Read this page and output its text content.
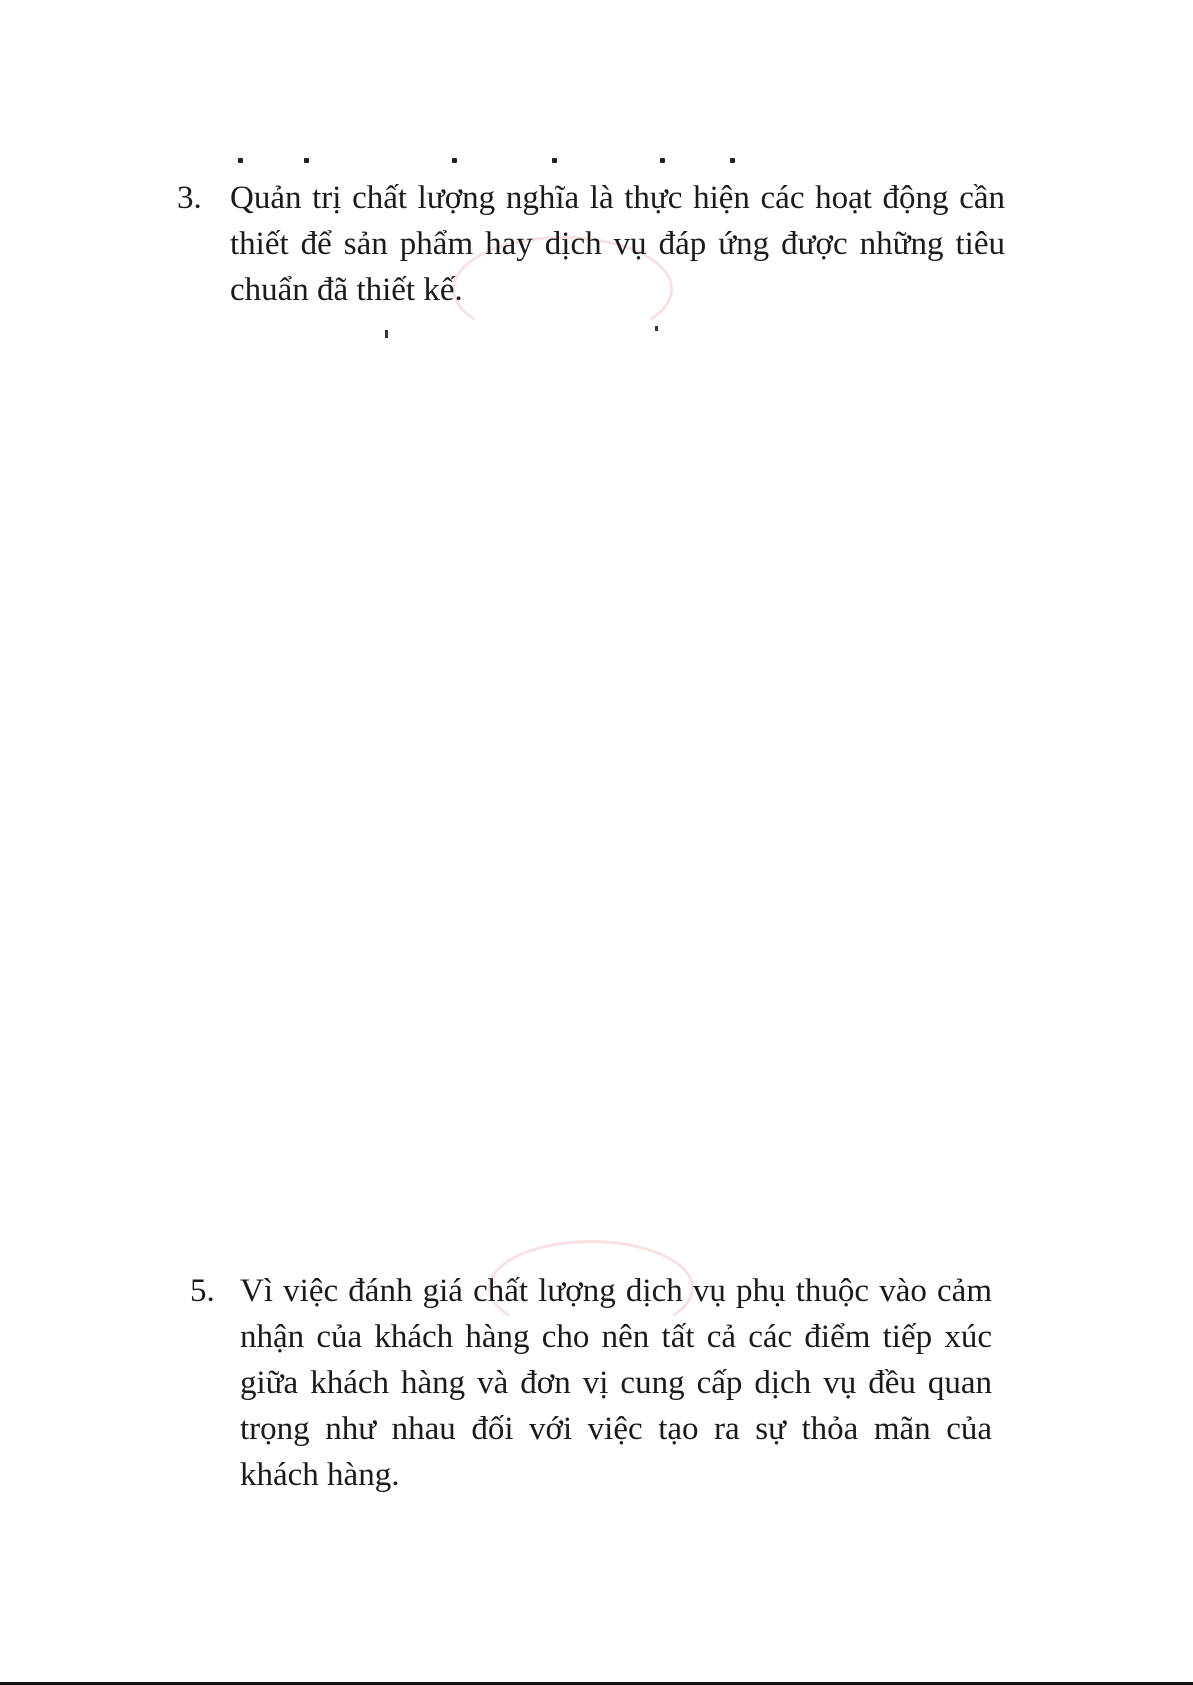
3. Quản trị chất lượng nghĩa là thực hiện các hoạt động cần thiết để sản phẩm hay dịch vụ đáp ứng được những tiêu chuẩn đã thiết kế.
5. Vì việc đánh giá chất lượng dịch vụ phụ thuộc vào cảm nhận của khách hàng cho nên tất cả các điểm tiếp xúc giữa khách hàng và đơn vị cung cấp dịch vụ đều quan trọng như nhau đối với việc tạo ra sự thỏa mãn của khách hàng.
